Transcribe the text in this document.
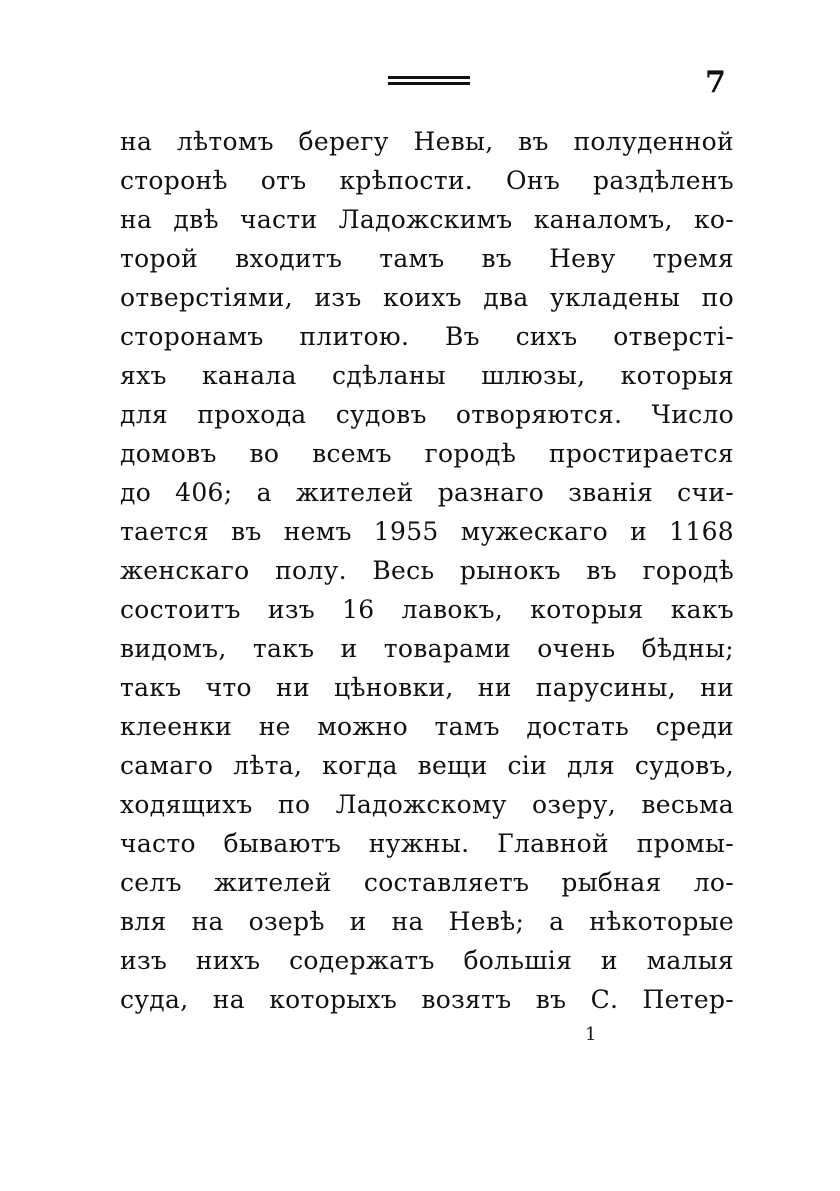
7
на лѣтомъ берегу Невы, въ полуденной
сторонѣ отъ крѣпости. Онъ раздѣленъ
на двѣ части Ладожскимъ каналомъ, ко-
торой входитъ тамъ въ Неву тремя
отверстіями, изъ коихъ два укладены по
сторонамъ плитою. Въ сихъ отверсті-
яхъ канала сдѣланы шлюзы, которыя
для прохода судовъ отворяются. Число
домовъ во всемъ городѣ простирается
до 406; а жителей разнаго званія счи-
тается въ немъ 1955 мужескаго и 1168
женскаго полу. Весь рынокъ въ городѣ
состоитъ изъ 16 лавокъ, которыя какъ
видомъ, такъ и товарами очень бѣдны;
такъ что ни цѣновки, ни парусины, ни
клеенки не можно тамъ достать среди
самаго лѣта, когда вещи сіи для судовъ,
ходящихъ по Ладожскому озеру, весьма
часто бываютъ нужны. Главной промы-
селъ жителей составляетъ рыбная ло-
вля на озерѣ и на Невѣ; а нѣкоторые
изъ нихъ содержатъ большія и малыя
суда, на которыхъ возятъ въ С. Петер-
1
